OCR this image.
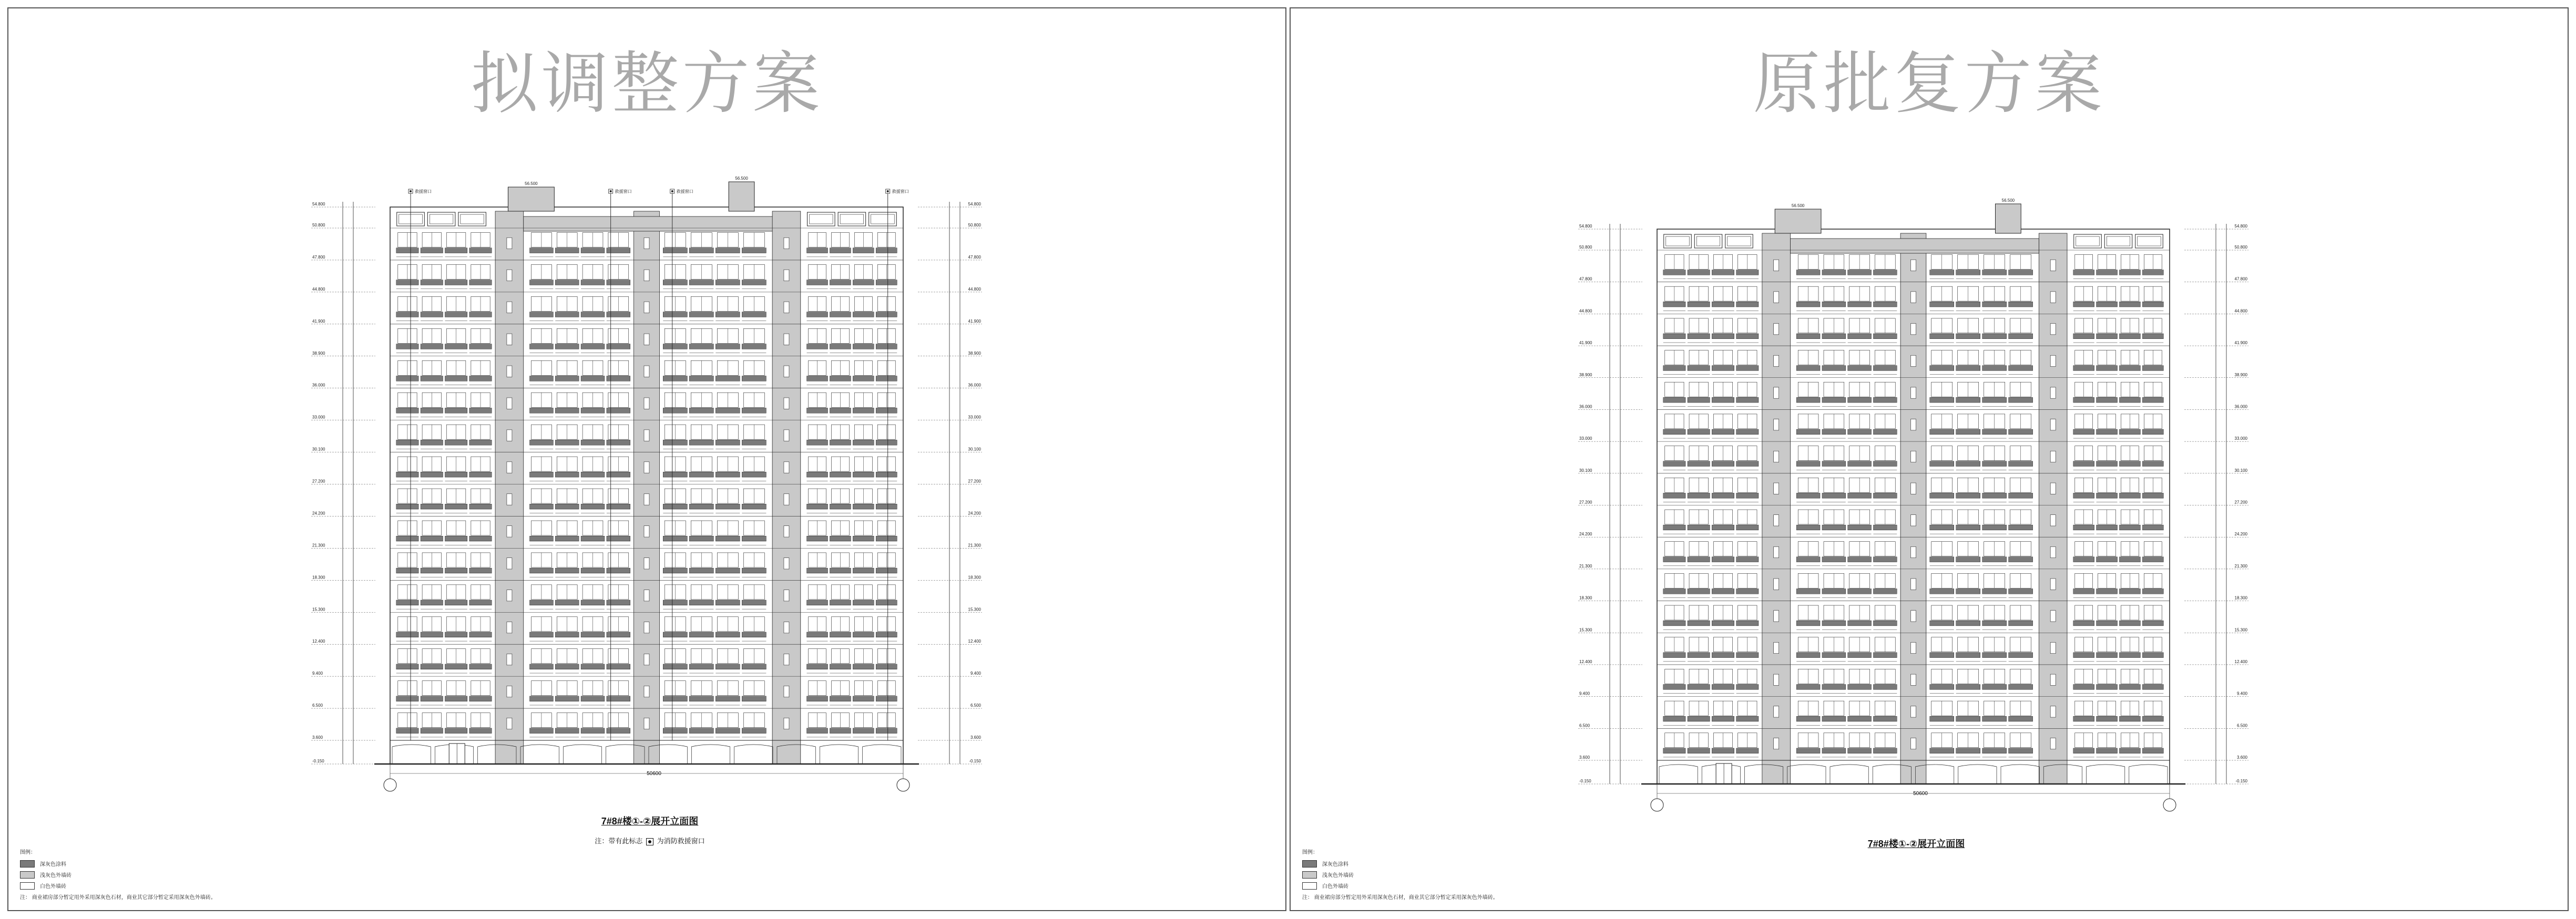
拟调整方案
50600
56.500
56.500
-0.150
3.600
6.500
9.400
12.400
15.300
18.300
21.300
24.200
27.200
30.100
33.000
36.000
38.900
41.900
44.800
47.800
50.800
54.800
-0.150
3.600
6.500
9.400
12.400
15.300
18.300
21.300
24.200
27.200
30.100
33.000
36.000
38.900
41.900
44.800
47.800
50.800
54.800
救援窗口	救援窗口	救援窗口	救援窗口
7#8#楼①-②展开立面图
注：带有此标志 为消防救援窗口
图例：
深灰色涂料
浅灰色外墙砖
白色外墙砖
注： 商业裙房部分暂定用外采用深灰色石材，商业其它部分暂定采用深灰色外墙砖。
原批复方案
50600
56.500
56.500
-0.150
3.600
6.500
9.400
12.400
15.300
18.300
21.300
24.200
27.200
30.100
33.000
36.000
38.900
41.900
44.800
47.800
50.800
54.800
-0.150
3.600
6.500
9.400
12.400
15.300
18.300
21.300
24.200
27.200
30.100
33.000
36.000
38.900
41.900
44.800
47.800
50.800
54.800
7#8#楼①-②展开立面图
图例：
深灰色涂料
浅灰色外墙砖
白色外墙砖
注： 商业裙房部分暂定用外采用深灰色石材，商业其它部分暂定采用深灰色外墙砖。
